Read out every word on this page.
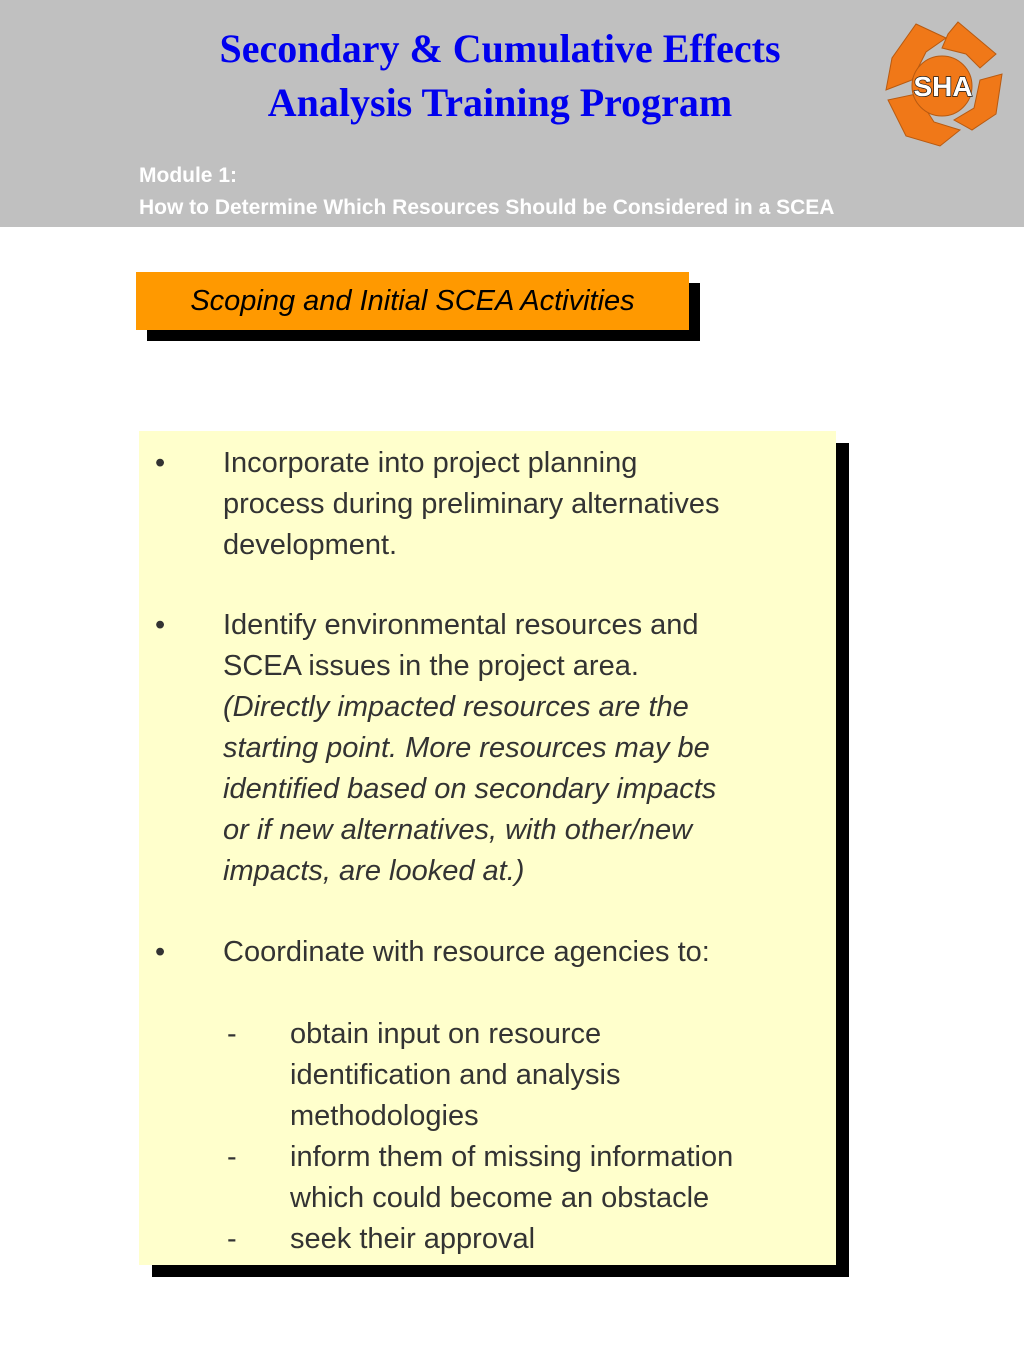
Secondary & Cumulative Effects
Analysis Training Program	SHA
Module 1:
How to Determine Which Resources Should be Considered in a SCEA
Scoping and Initial SCEA Activities
• Incorporate into project planning
process during preliminary alternatives
development.
• Identify environmental resources and
SCEA issues in the project area.
(Directly impacted resources are the
starting point. More resources may be
identified based on secondary impacts
or if new alternatives, with other/new
impacts, are looked at.)
• Coordinate with resource agencies to:
- obtain input on resource
identification and analysis
methodologies
- inform them of missing information
which could become an obstacle
- seek their approval
